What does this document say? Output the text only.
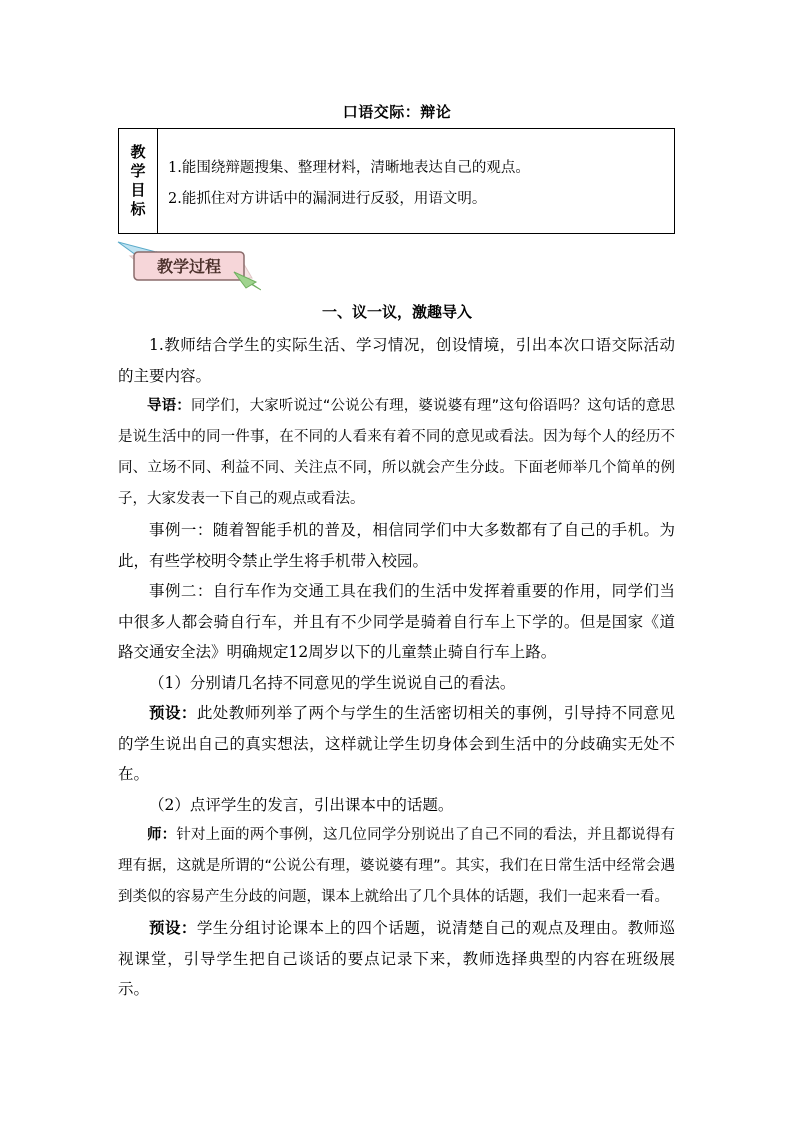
口语交际：辩论
教
学
目
标
1.能围绕辩题搜集、整理材料，清晰地表达自己的观点。
2.能抓住对方讲话中的漏洞进行反驳，用语文明。
教学过程
一、议一议，激趣导入

1.教师结合学生的实际生活、学习情况，创设情境，引出本次口语交际活动的主要内容。

导语：同学们，大家听说过“公说公有理，婆说婆有理”这句俗语吗？这句话的意思是说生活中的同一件事，在不同的人看来有着不同的意见或看法。因为每个人的经历不同、立场不同、利益不同、关注点不同，所以就会产生分歧。下面老师举几个简单的例子，大家发表一下自己的观点或看法。

事例一：随着智能手机的普及，相信同学们中大多数都有了自己的手机。为此，有些学校明令禁止学生将手机带入校园。

事例二：自行车作为交通工具在我们的生活中发挥着重要的作用，同学们当中很多人都会骑自行车，并且有不少同学是骑着自行车上下学的。但是国家《道路交通安全法》明确规定12周岁以下的儿童禁止骑自行车上路。

（1）分别请几名持不同意见的学生说说自己的看法。

预设：此处教师列举了两个与学生的生活密切相关的事例，引导持不同意见的学生说出自己的真实想法，这样就让学生切身体会到生活中的分歧确实无处不在。

（2）点评学生的发言，引出课本中的话题。

师：针对上面的两个事例，这几位同学分别说出了自己不同的看法，并且都说得有理有据，这就是所谓的“公说公有理，婆说婆有理”。其实，我们在日常生活中经常会遇到类似的容易产生分歧的问题，课本上就给出了几个具体的话题，我们一起来看一看。

预设：学生分组讨论课本上的四个话题，说清楚自己的观点及理由。教师巡视课堂，引导学生把自己谈话的要点记录下来，教师选择典型的内容在班级展示。
